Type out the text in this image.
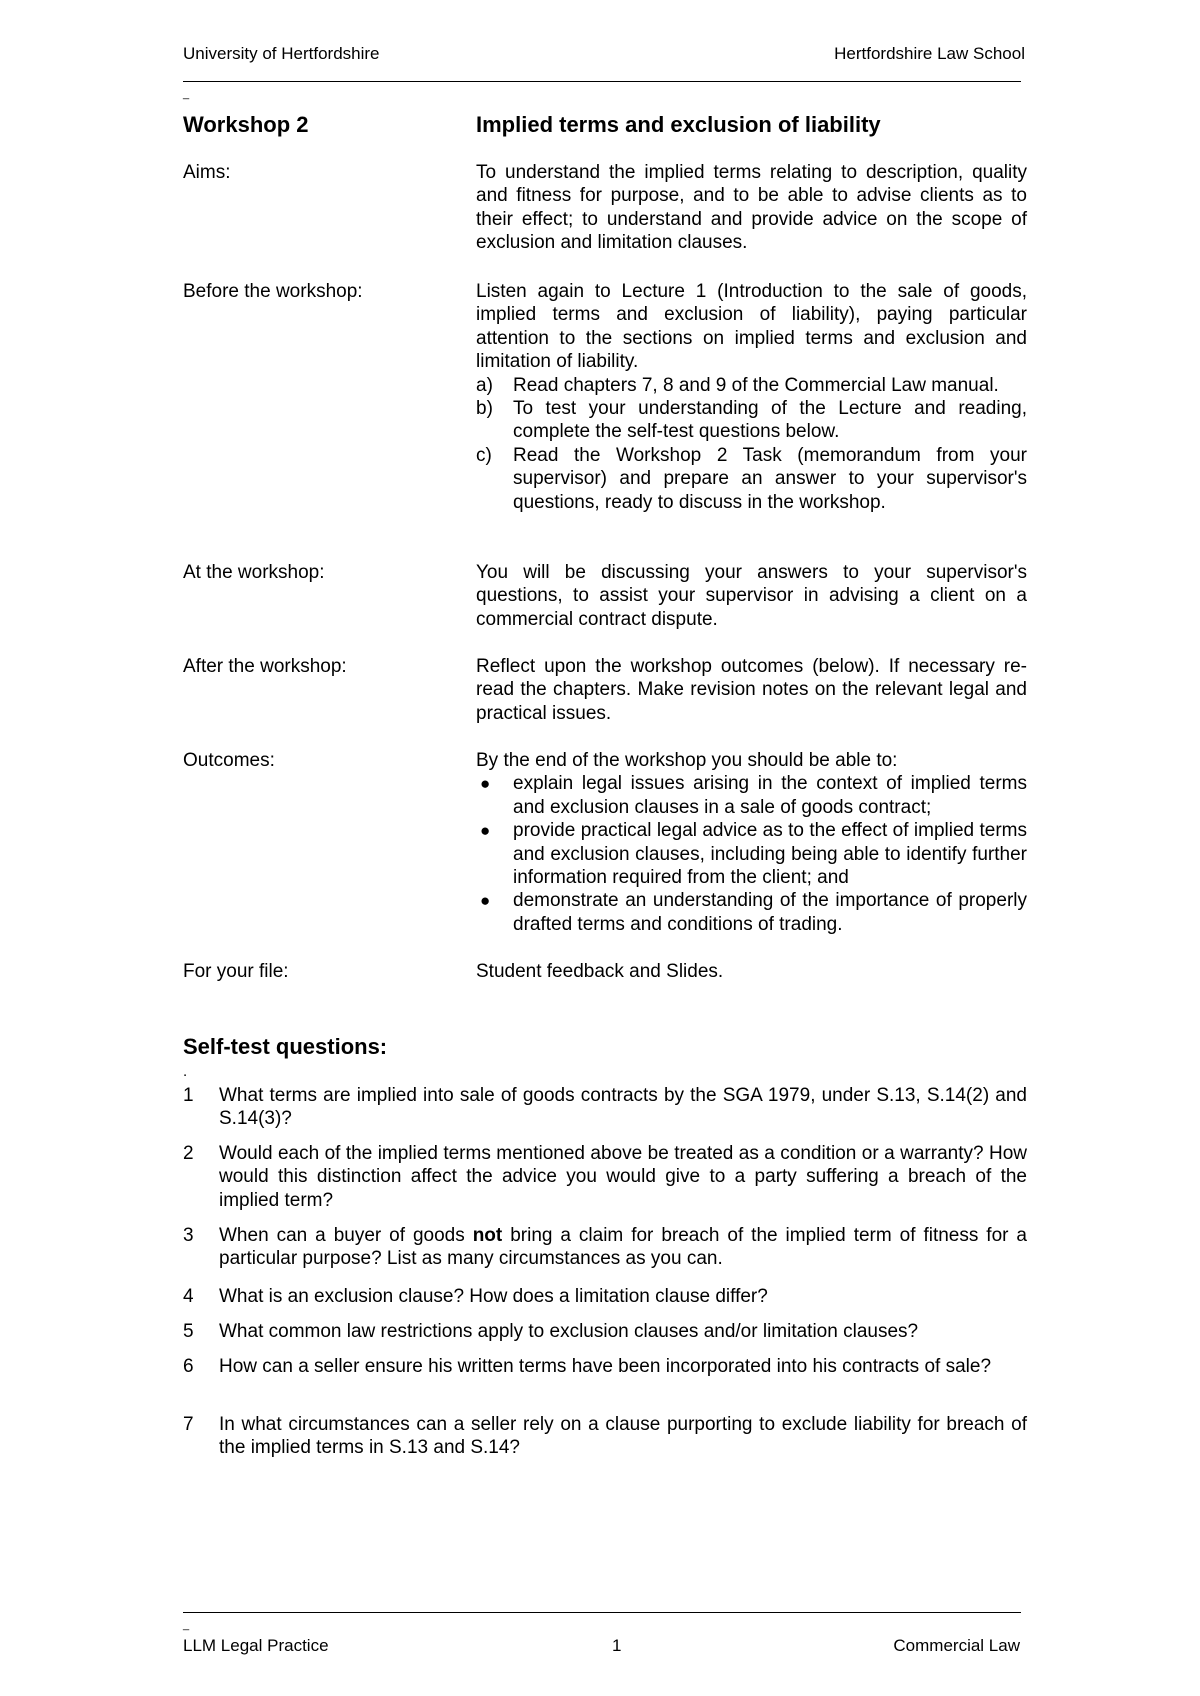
University of Hertfordshire	Hertfordshire Law School
_
Workshop 2	Implied terms and exclusion of liability
Aims:	To understand the implied terms relating to description, quality and fitness for purpose, and to be able to advise clients as to their effect; to understand and provide advice on the scope of exclusion and limitation clauses.
Before the workshop:	Listen again to Lecture 1 (Introduction to the sale of goods, implied terms and exclusion of liability), paying particular attention to the sections on implied terms and exclusion and limitation of liability.
a) Read chapters 7, 8 and 9 of the Commercial Law manual.
b) To test your understanding of the Lecture and reading, complete the self-test questions below.
c) Read the Workshop 2 Task (memorandum from your supervisor) and prepare an answer to your supervisor's questions, ready to discuss in the workshop.
At the workshop:	You will be discussing your answers to your supervisor's questions, to assist your supervisor in advising a client on a commercial contract dispute.
After the workshop:	Reflect upon the workshop outcomes (below). If necessary re-read the chapters. Make revision notes on the relevant legal and practical issues.
Outcomes:	By the end of the workshop you should be able to:
● explain legal issues arising in the context of implied terms and exclusion clauses in a sale of goods contract;
● provide practical legal advice as to the effect of implied terms and exclusion clauses, including being able to identify further information required from the client; and
● demonstrate an understanding of the importance of properly drafted terms and conditions of trading.
For your file:	Student feedback and Slides.
Self-test questions:
.
1 What terms are implied into sale of goods contracts by the SGA 1979, under S.13, S.14(2) and S.14(3)?
2 Would each of the implied terms mentioned above be treated as a condition or a warranty? How would this distinction affect the advice you would give to a party suffering a breach of the implied term?
3 When can a buyer of goods not bring a claim for breach of the implied term of fitness for a particular purpose? List as many circumstances as you can.
4 What is an exclusion clause? How does a limitation clause differ?
5 What common law restrictions apply to exclusion clauses and/or limitation clauses?
6 How can a seller ensure his written terms have been incorporated into his contracts of sale?
7 In what circumstances can a seller rely on a clause purporting to exclude liability for breach of the implied terms in S.13 and S.14?
_
LLM Legal Practice	1	Commercial Law
